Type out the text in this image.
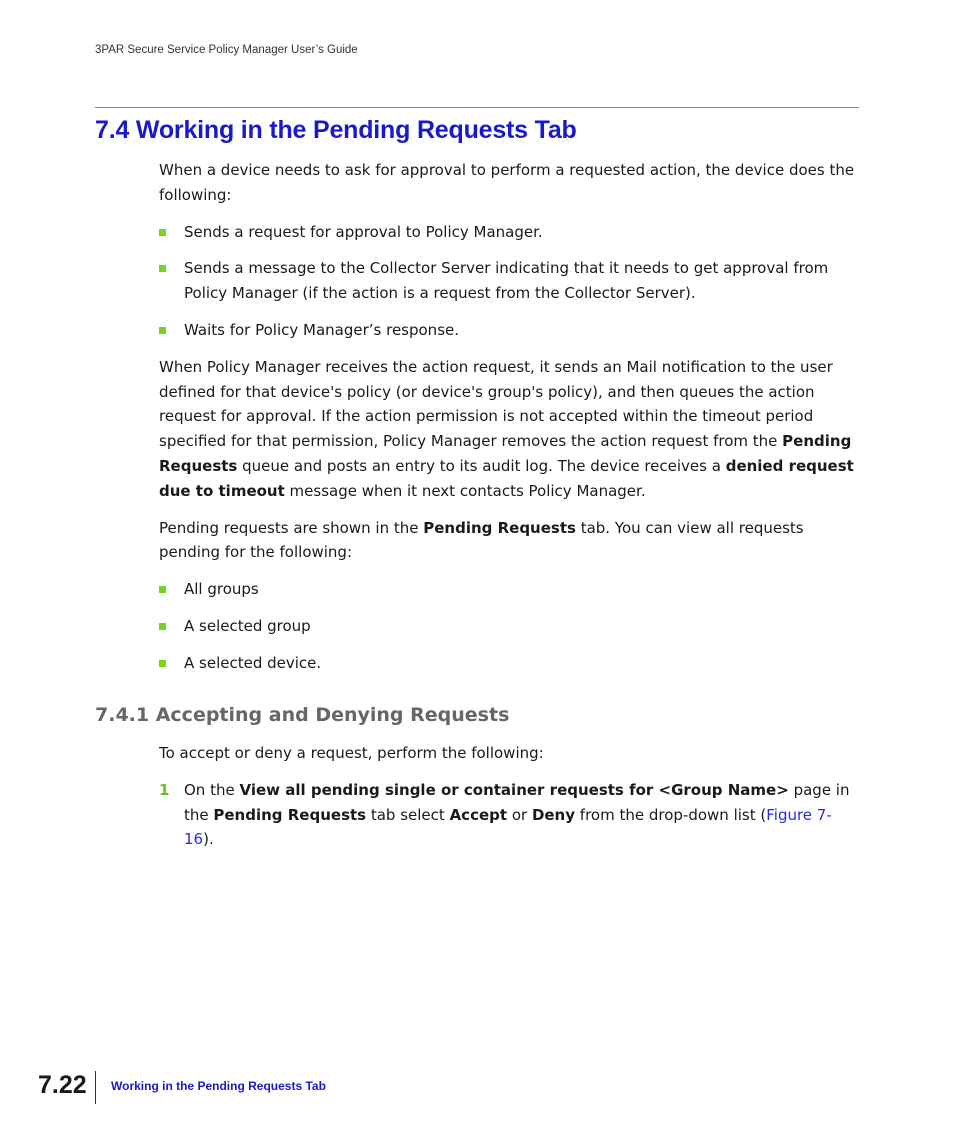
3PAR Secure Service Policy Manager User’s Guide
7.4 Working in the Pending Requests Tab

When a device needs to ask for approval to perform a requested action, the device does the following:

Sends a request for approval to Policy Manager.
Sends a message to the Collector Server indicating that it needs to get approval from Policy Manager (if the action is a request from the Collector Server).
Waits for Policy Manager’s response.

When Policy Manager receives the action request, it sends an Mail notification to the user defined for that device's policy (or device's group's policy), and then queues the action request for approval. If the action permission is not accepted within the timeout period specified for that permission, Policy Manager removes the action request from the Pending Requests queue and posts an entry to its audit log. The device receives a denied request due to timeout message when it next contacts Policy Manager.

Pending requests are shown in the Pending Requests tab. You can view all requests pending for the following:

All groups
A selected group
A selected device.
7.4.1 Accepting and Denying Requests

To accept or deny a request, perform the following:

1 On the View all pending single or container requests for <Group Name> page in the Pending Requests tab select Accept or Deny from the drop-down list (Figure 7-16).
7.22 Working in the Pending Requests Tab
